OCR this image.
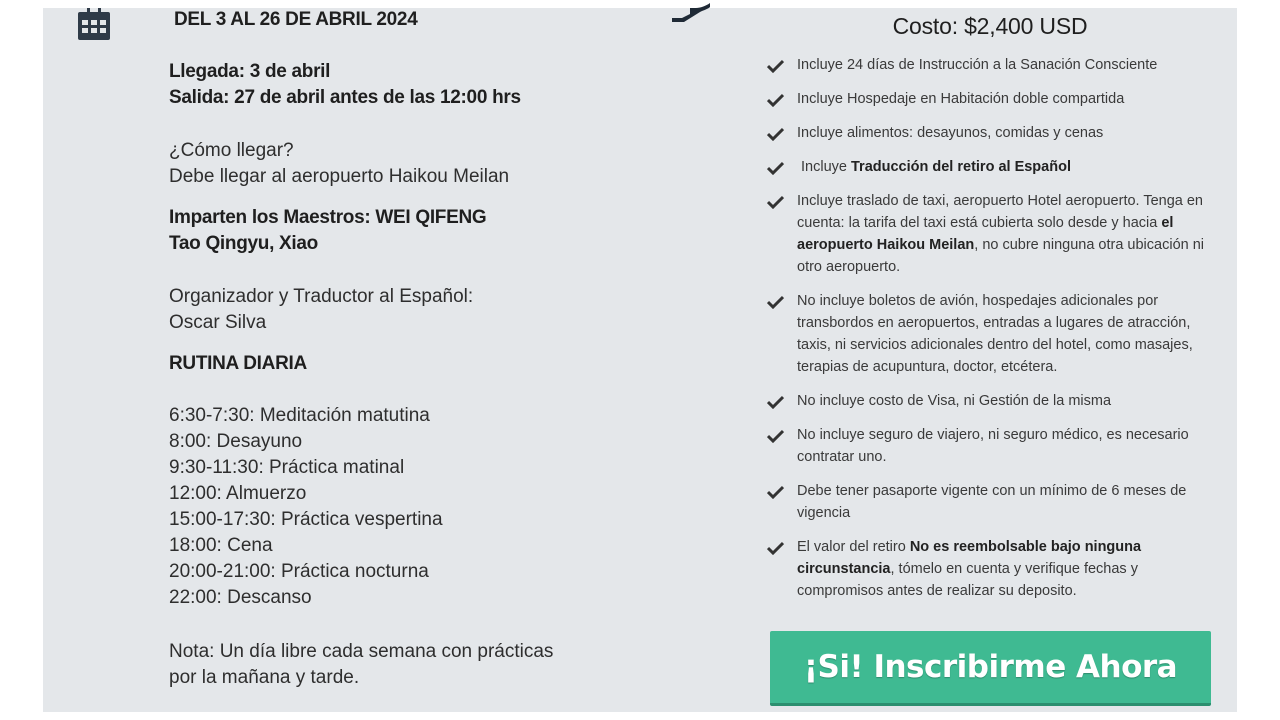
DEL 3 AL 26 DE ABRIL 2024
Llegada: 3 de abril
Salida: 27 de abril antes de las 12:00 hrs
¿Cómo llegar?
Debe llegar al aeropuerto Haikou Meilan
Imparten los Maestros: WEI QIFENG
Tao Qingyu, Xiao
Organizador y Traductor al Español:
Oscar Silva
RUTINA DIARIA
6:30-7:30: Meditación matutina
8:00: Desayuno
9:30-11:30: Práctica matinal
12:00: Almuerzo
15:00-17:30: Práctica vespertina
18:00: Cena
20:00-21:00: Práctica nocturna
22:00: Descanso
Nota: Un día libre cada semana con prácticas
por la mañana y tarde.
Costo: $2,400 USD
Incluye 24 días de Instrucción a la Sanación Consciente
Incluye Hospedaje en Habitación doble compartida
Incluye alimentos: desayunos, comidas y cenas
Incluye Traducción del retiro al Español
Incluye traslado de taxi, aeropuerto Hotel aeropuerto. Tenga en cuenta: la tarifa del taxi está cubierta solo desde y hacia el aeropuerto Haikou Meilan, no cubre ninguna otra ubicación ni otro aeropuerto.
No incluye boletos de avión, hospedajes adicionales por transbordos en aeropuertos, entradas a lugares de atracción, taxis, ni servicios adicionales dentro del hotel, como masajes, terapias de acupuntura, doctor, etcétera.
No incluye costo de Visa, ni Gestión de la misma
No incluye seguro de viajero, ni seguro médico, es necesario contratar uno.
Debe tener pasaporte vigente con un mínimo de 6 meses de vigencia
El valor del retiro No es reembolsable bajo ninguna circunstancia, tómelo en cuenta y verifique fechas y compromisos antes de realizar su deposito.
¡Si! Inscribirme Ahora
